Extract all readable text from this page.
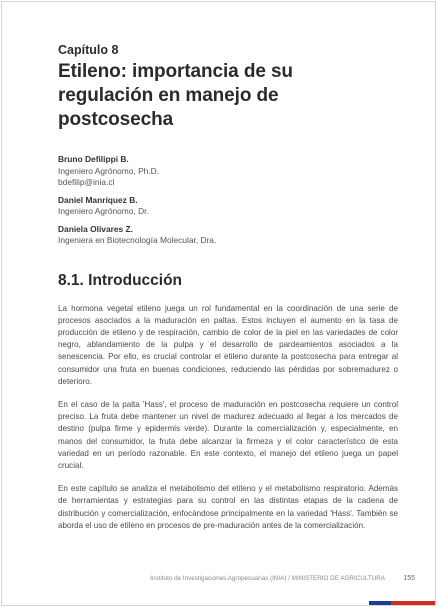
Capítulo 8
Etileno: importancia de su
regulación en manejo de postcosecha
Bruno Defilippi B.
Ingeniero Agrónomo, Ph.D.
bdefilip@inia.cl
Daniel Manríquez B.
Ingeniero Agrónomo, Dr.
Daniela Olivares Z.
Ingeniera en Biotecnología Molecular, Dra.
8.1. Introducción

La hormona vegetal etileno juega un rol fundamental en la coordinación de una serie de procesos asociados a la maduración en paltas. Estos incluyen el aumento en la tasa de producción de etileno y de respiración, cambio de color de la piel en las variedades de color negro, ablandamiento de la pulpa y el desarrollo de pardeamientos asociados a la senescencia. Por ello, es crucial controlar el etileno durante la postcosecha para entregar al consumidor una fruta en buenas condiciones, reduciendo las pérdidas por sobremadurez o deterioro.

En el caso de la palta 'Hass', el proceso de maduración en postcosecha requiere un control preciso. La fruta debe mantener un nivel de madurez adecuado al llegar a los mercados de destino (pulpa firme y epidermis verde). Durante la comercialización y, especialmente, en manos del consumidor, la fruta debe alcanzar la firmeza y el color característico de esta variedad en un período razonable. En este contexto, el manejo del etileno juega un papel crucial.

En este capítulo se analiza el metabolismo del etileno y el metabolismo respiratorio. Además de herramientas y estrategias para su control en las distintas etapas de la cadena de distribución y comercialización, enfocándose principalmente en la variedad 'Hass'. También se aborda el uso de etileno en procesos de pre-maduración antes de la comercialización.

Instituto de Investigaciones Agropecuarias (INIA) / MINISTERIO DE AGRICULTURA	155
